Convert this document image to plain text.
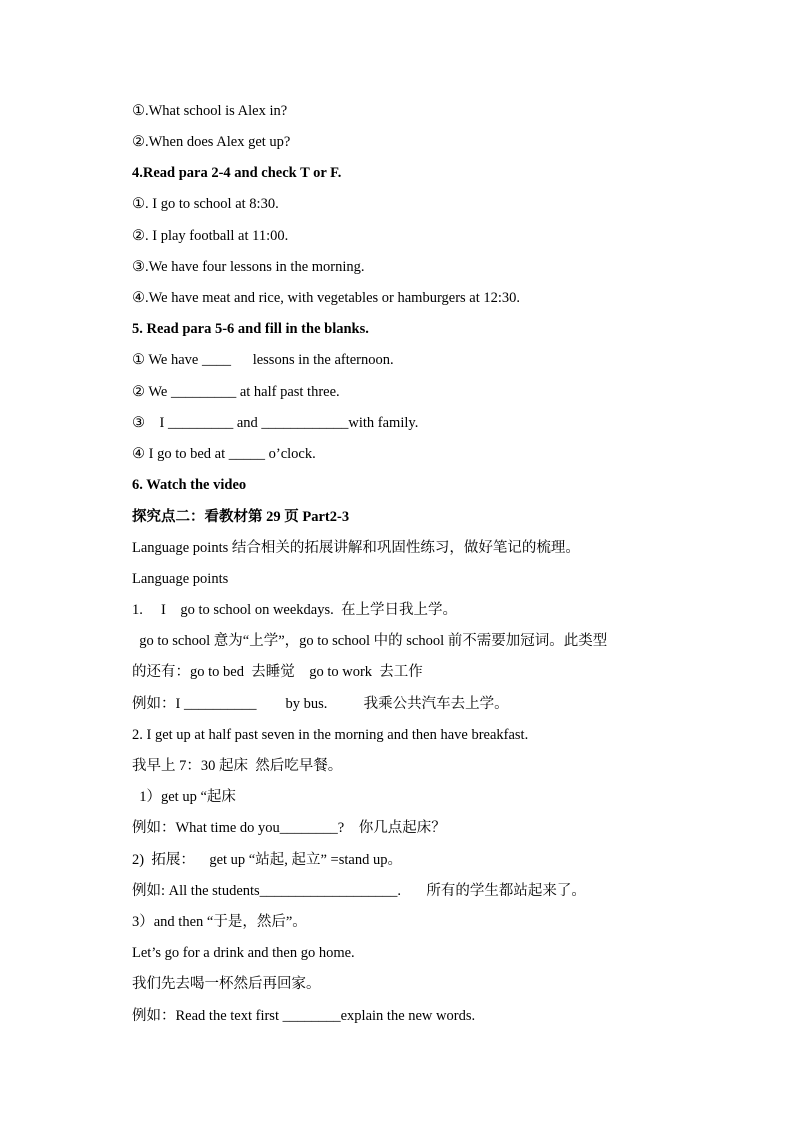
①.What school is Alex in?
②.When does Alex get up?
4.Read para 2-4 and check T or F.
①. I go to school at 8:30.
②. I play football at 11:00.
③.We have four lessons in the morning.
④.We have meat and rice, with vegetables or hamburgers at 12:30.
5. Read para 5-6 and fill in the blanks.
① We have ____      lessons in the afternoon.
② We _________ at half past three.
③    I _________ and ____________with family.
④ I go to bed at _____ o’clock.
6. Watch the video
探究点二：看教材第 29 页 Part2-3
Language points 结合相关的拓展讲解和巩固性练习，做好笔记的梳理。
Language points
1.     I    go to school on weekdays.  在上学日我上学。
go to school 意为“上学”，go to school 中的 school 前不需要加冠词。此类型
的还有：go to bed  去睡觉    go to work  去工作
例如：I __________        by bus.          我乘公共汽车去上学。
2. I get up at half past seven in the morning and then have breakfast.
我早上 7：30 起床  然后吃早餐。
1）get up “起床
例如：What time do you________?    你几点起床？
2)  拓展：    get up “站起, 起立” =stand up。
例如: All the students___________________.       所有的学生都站起来了。
3）and then “于是，然后”。
Let’s go for a drink and then go home.
我们先去喝一杯然后再回家。
例如：Read the text first ________explain the new words.
